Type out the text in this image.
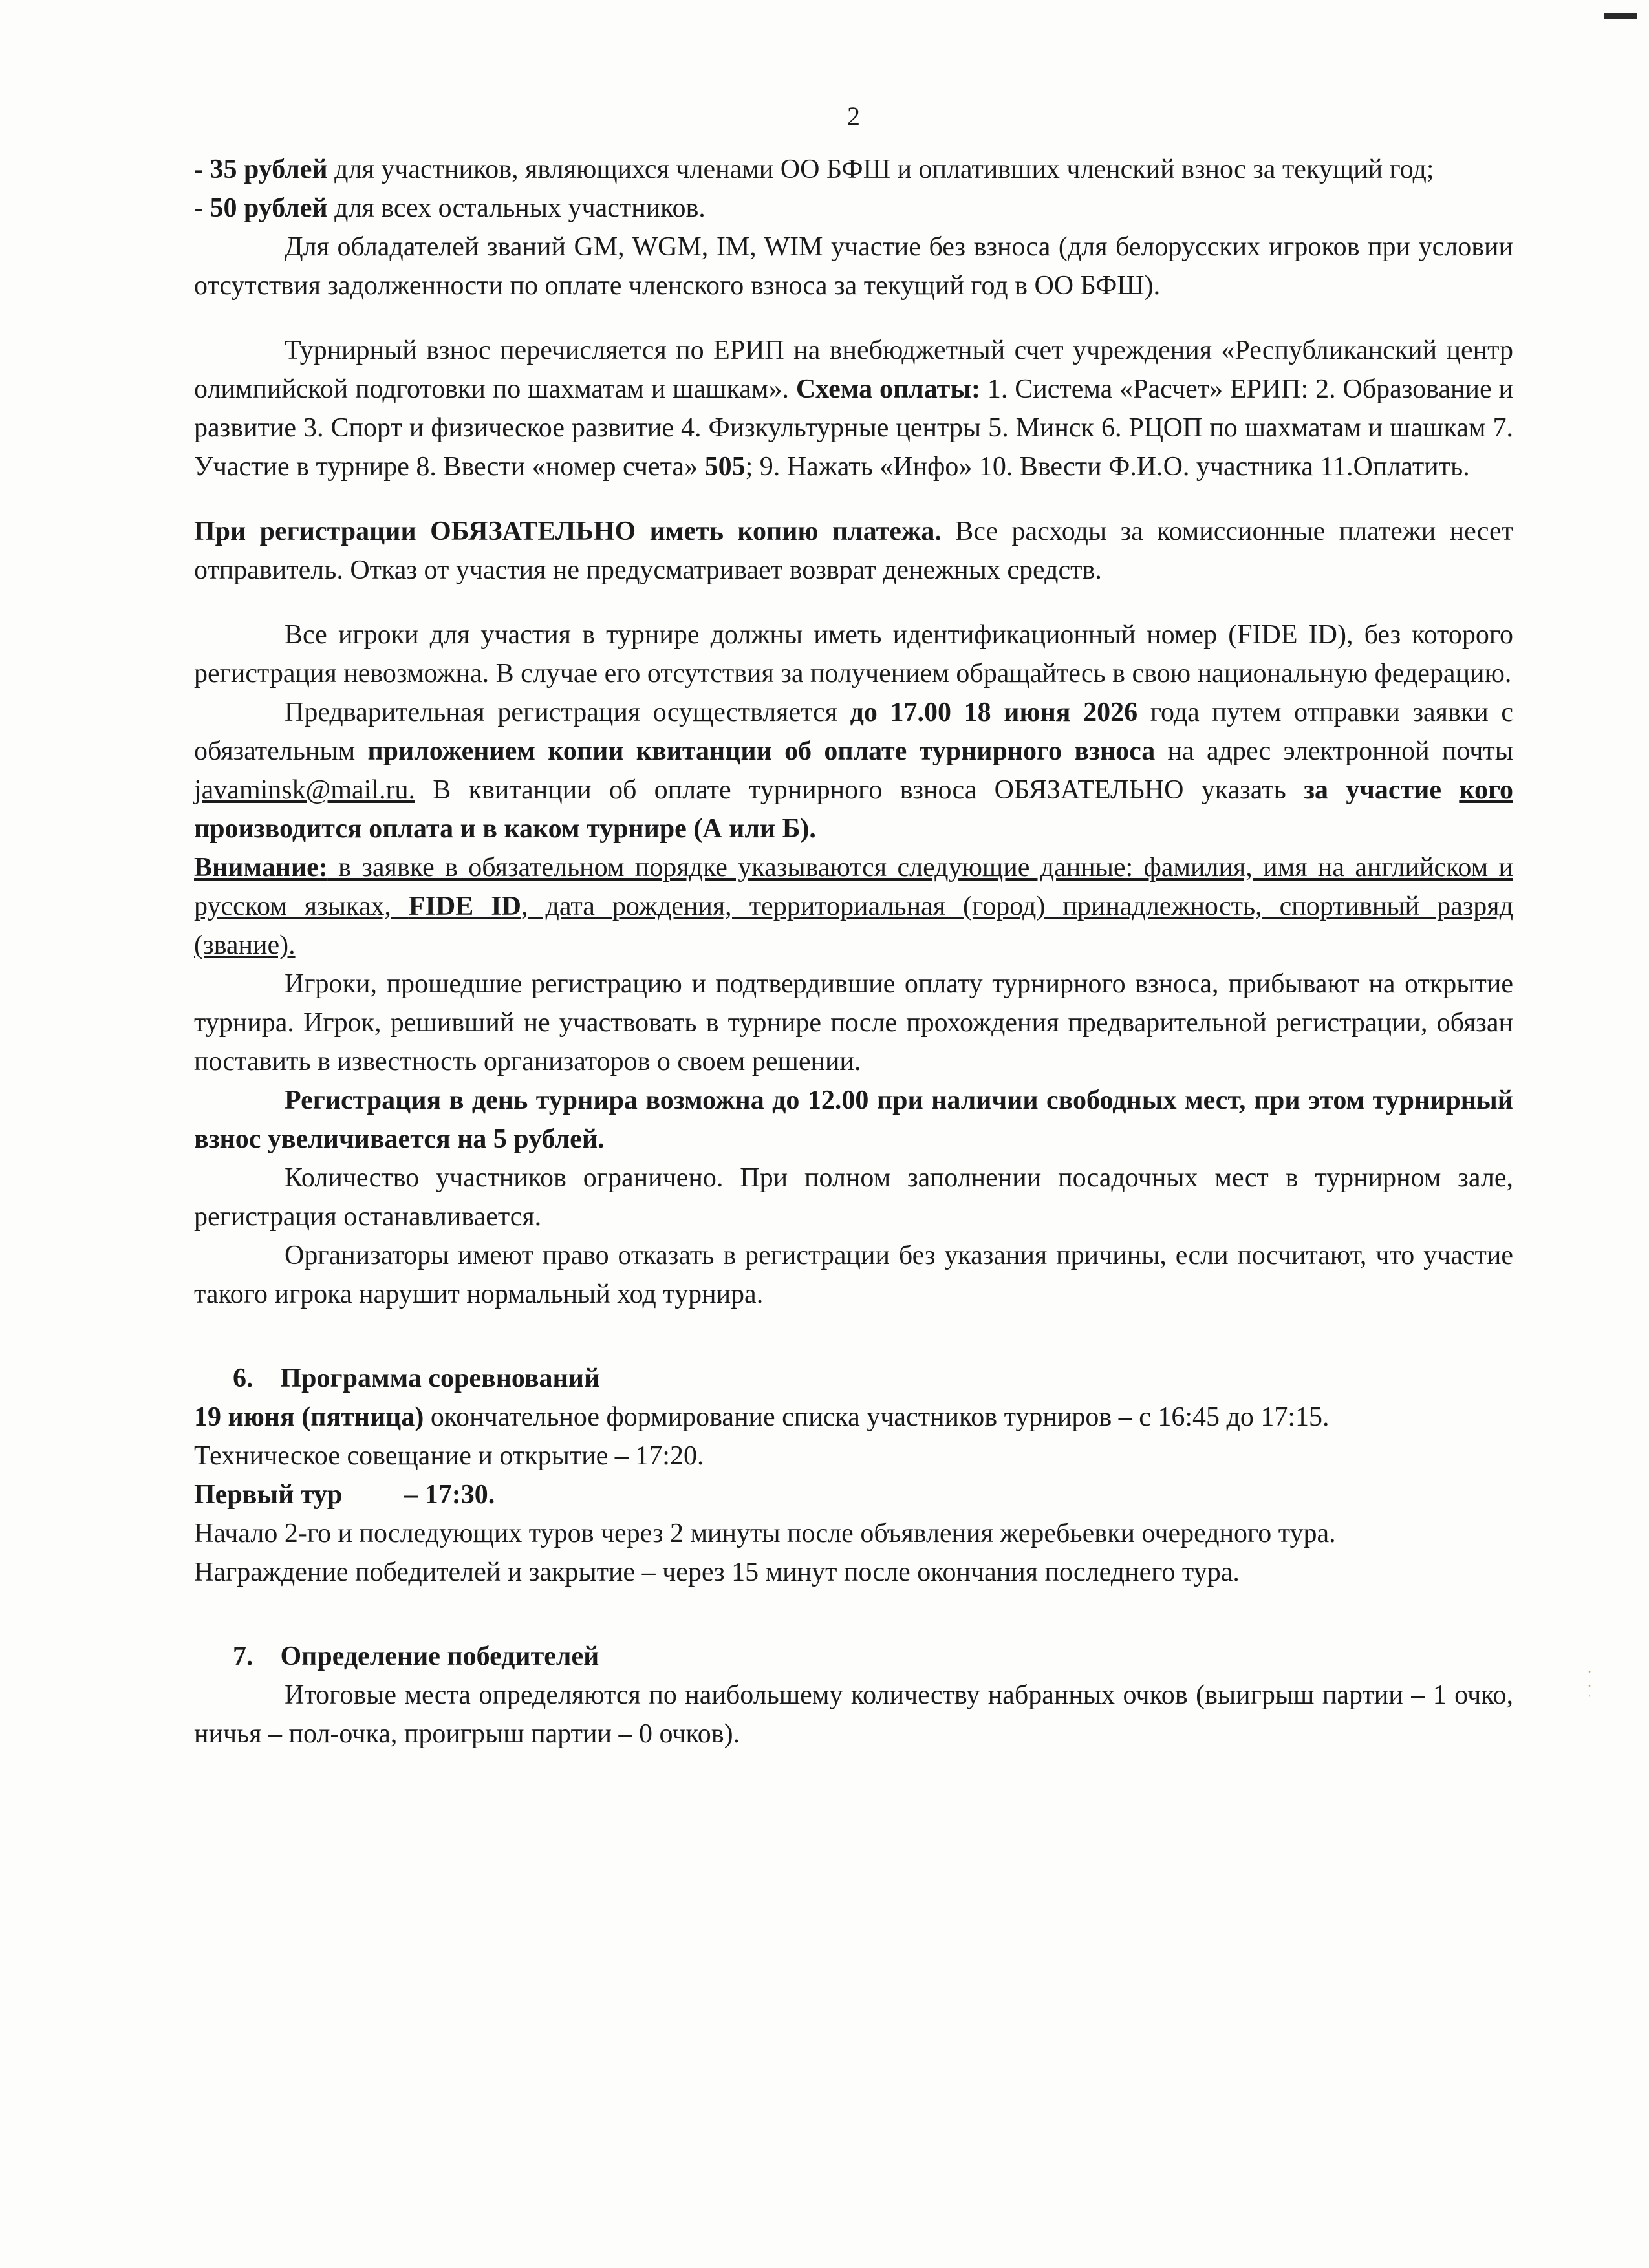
·
·
˙
2

- 35 рублей для участников, являющихся членами ОО БФШ и оплативших членский взнос за текущий год;

- 50 рублей для всех остальных участников.

Для обладателей званий GM, WGM, IM, WIM участие без взноса (для белорусских игроков при условии отсутствия задолженности по оплате членского взноса за текущий год в ОО БФШ).

Турнирный взнос перечисляется по ЕРИП на внебюджетный счет учреждения «Республиканский центр олимпийской подготовки по шахматам и шашкам». Схема оплаты: 1. Система «Расчет» ЕРИП: 2. Образование и развитие 3. Спорт и физическое развитие 4. Физкультурные центры 5. Минск 6. РЦОП по шахматам и шашкам 7. Участие в турнире 8. Ввести «номер счета» 505; 9. Нажать «Инфо» 10. Ввести Ф.И.О. участника 11.Оплатить.

При регистрации ОБЯЗАТЕЛЬНО иметь копию платежа. Все расходы за комиссионные платежи несет отправитель. Отказ от участия не предусматривает возврат денежных средств.

Все игроки для участия в турнире должны иметь идентификационный номер (FIDE ID), без которого регистрация невозможна. В случае его отсутствия за получением обращайтесь в свою национальную федерацию.

Предварительная регистрация осуществляется до 17.00 18 июня 2026 года путем отправки заявки с обязательным приложением копии квитанции об оплате турнирного взноса на адрес электронной почты javaminsk@mail.ru. В квитанции об оплате турнирного взноса ОБЯЗАТЕЛЬНО указать за участие кого производится оплата и в каком турнире (А или Б).

Внимание: в заявке в обязательном порядке указываются следующие данные: фамилия, имя на английском и русском языках, FIDE ID, дата рождения, территориальная (город) принадлежность, спортивный разряд (звание).

Игроки, прошедшие регистрацию и подтвердившие оплату турнирного взноса, прибывают на открытие турнира. Игрок, решивший не участвовать в турнире после прохождения предварительной регистрации, обязан поставить в известность организаторов о своем решении.

Регистрация в день турнира возможна до 12.00 при наличии свободных мест, при этом турнирный взнос увеличивается на 5 рублей.

Количество участников ограничено. При полном заполнении посадочных мест в турнирном зале, регистрация останавливается.

Организаторы имеют право отказать в регистрации без указания причины, если посчитают, что участие такого игрока нарушит нормальный ход турнира.

6. Программа соревнований

19 июня (пятница) окончательное формирование списка участников турниров – с 16:45 до 17:15.

Техническое совещание и открытие – 17:20.

Первый тур – 17:30.

Начало 2-го и последующих туров через 2 минуты после объявления жеребьевки очередного тура.

Награждение победителей и закрытие – через 15 минут после окончания последнего тура.

7. Определение победителей

Итоговые места определяются по наибольшему количеству набранных очков (выигрыш партии – 1 очко, ничья – пол-очка, проигрыш партии – 0 очков).
